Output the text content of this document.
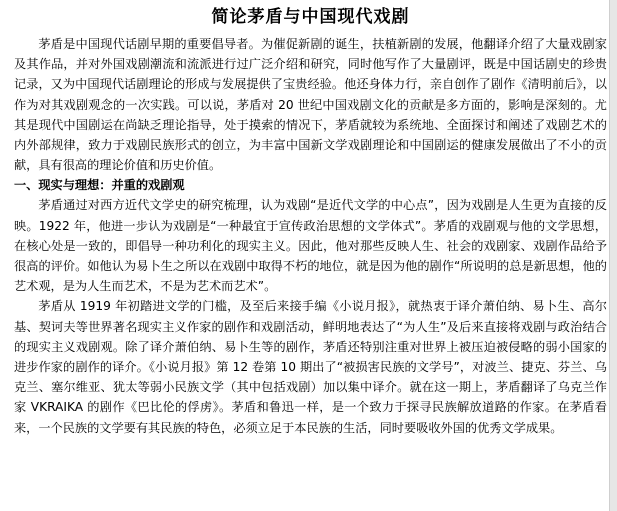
简论茅盾与中国现代戏剧

茅盾是中国现代话剧早期的重要倡导者。为催促新剧的诞生，扶植新剧的发展，他翻译介绍了大量戏剧家及其作品，并对外国戏剧潮流和流派进行过广泛介绍和研究，同时他写作了大量剧评，既是中国话剧史的珍贵记录，又为中国现代话剧理论的形成与发展提供了宝贵经验。他还身体力行，亲自创作了剧作《清明前后》，以作为对其戏剧观念的一次实践。可以说，茅盾对 20 世纪中国戏剧文化的贡献是多方面的，影响是深刻的。尤其是现代中国剧运在尚缺乏理论指导，处于摸索的情况下，茅盾就较为系统地、全面探讨和阐述了戏剧艺术的内外部规律，致力于戏剧民族形式的创立，为丰富中国新文学戏剧理论和中国剧运的健康发展做出了不小的贡献，具有很高的理论价值和历史价值。

一、现实与理想：并重的戏剧观

茅盾通过对西方近代文学史的研究梳理，认为戏剧“是近代文学的中心点”，因为戏剧是人生更为直接的反映。1922 年，他进一步认为戏剧是“一种最宜于宣传政治思想的文学体式”。茅盾的戏剧观与他的文学思想，在核心处是一致的，即倡导一种功利化的现实主义。因此，他对那些反映人生、社会的戏剧家、戏剧作品给予很高的评价。如他认为易卜生之所以在戏剧中取得不朽的地位，就是因为他的剧作“所说明的总是新思想，他的艺术观，是为人生而艺术，不是为艺术而艺术”。

茅盾从 1919 年初踏进文学的门槛，及至后来接手编《小说月报》，就热衷于译介萧伯纳、易卜生、高尔基、契诃夫等世界著名现实主义作家的剧作和戏剧活动，鲜明地表达了“为人生”及后来直接将戏剧与政治结合的现实主义戏剧观。除了译介萧伯纳、易卜生等的剧作，茅盾还特别注重对世界上被压迫被侵略的弱小国家的进步作家的剧作的译介。《小说月报》第 12 卷第 10 期出了“被损害民族的文学号”，对波兰、捷克、芬兰、乌克兰、塞尔维亚、犹太等弱小民族文学（其中包括戏剧）加以集中译介。就在这一期上，茅盾翻译了乌克兰作家 VKRAIKA 的剧作《巴比伦的俘虏》。茅盾和鲁迅一样，是一个致力于探寻民族解放道路的作家。在茅盾看来，一个民族的文学要有其民族的特色，必须立足于本民族的生活，同时要吸收外国的优秀文学成果。
